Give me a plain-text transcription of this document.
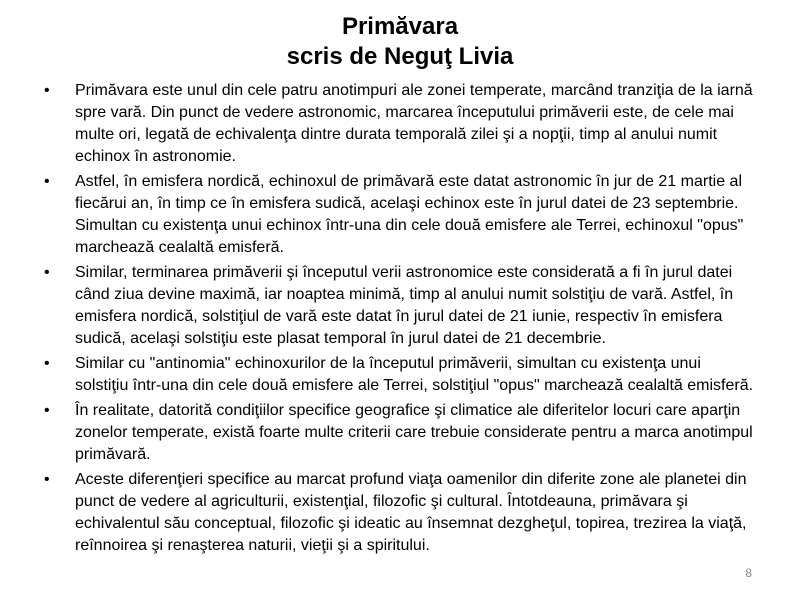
Primăvara
scris de Neguţ Livia
•	Primăvara este unul din cele patru anotimpuri ale zonei temperate, marcând tranziţia de la iarnă spre vară. Din punct de vedere astronomic, marcarea începutului primăverii este, de cele mai multe ori, legată de echivalenţa dintre durata temporală zilei şi a nopţii, timp al anului numit echinox în astronomie.
•	Astfel, în emisfera nordică, echinoxul de primăvară este datat astronomic în jur de 21 martie al fiecărui an, în timp ce în emisfera sudică, acelaşi echinox este în jurul datei de 23 septembrie. Simultan cu existenţa unui echinox într-una din cele două emisfere ale Terrei, echinoxul "opus" marchează cealaltă emisferă.
•	Similar, terminarea primăverii şi începutul verii astronomice este considerată a fi în jurul datei când ziua devine maximă, iar noaptea minimă, timp al anului numit solstiţiu de vară. Astfel, în emisfera nordică, solstiţiul de vară este datat în jurul datei de 21 iunie, respectiv în emisfera sudică, acelaşi solstiţiu este plasat temporal în jurul datei de 21 decembrie.
•	Similar cu "antinomia" echinoxurilor de la începutul primăverii, simultan cu existenţa unui solstiţiu într-una din cele două emisfere ale Terrei, solstiţiul "opus" marchează cealaltă emisferă.
•	În realitate, datorită condiţiilor specifice geografice şi climatice ale diferitelor locuri care aparţin zonelor temperate, există foarte multe criterii care trebuie considerate pentru a marca anotimpul primăvară.
•	Aceste diferenţieri specifice au marcat profund viaţa oamenilor din diferite zone ale planetei din punct de vedere al agriculturii, existenţial, filozofic şi cultural. Întotdeauna, primăvara şi echivalentul său conceptual, filozofic şi ideatic au însemnat dezgheţul, topirea, trezirea la viaţă, reînnoirea şi renaşterea naturii, vieţii şi a spiritului.
8
